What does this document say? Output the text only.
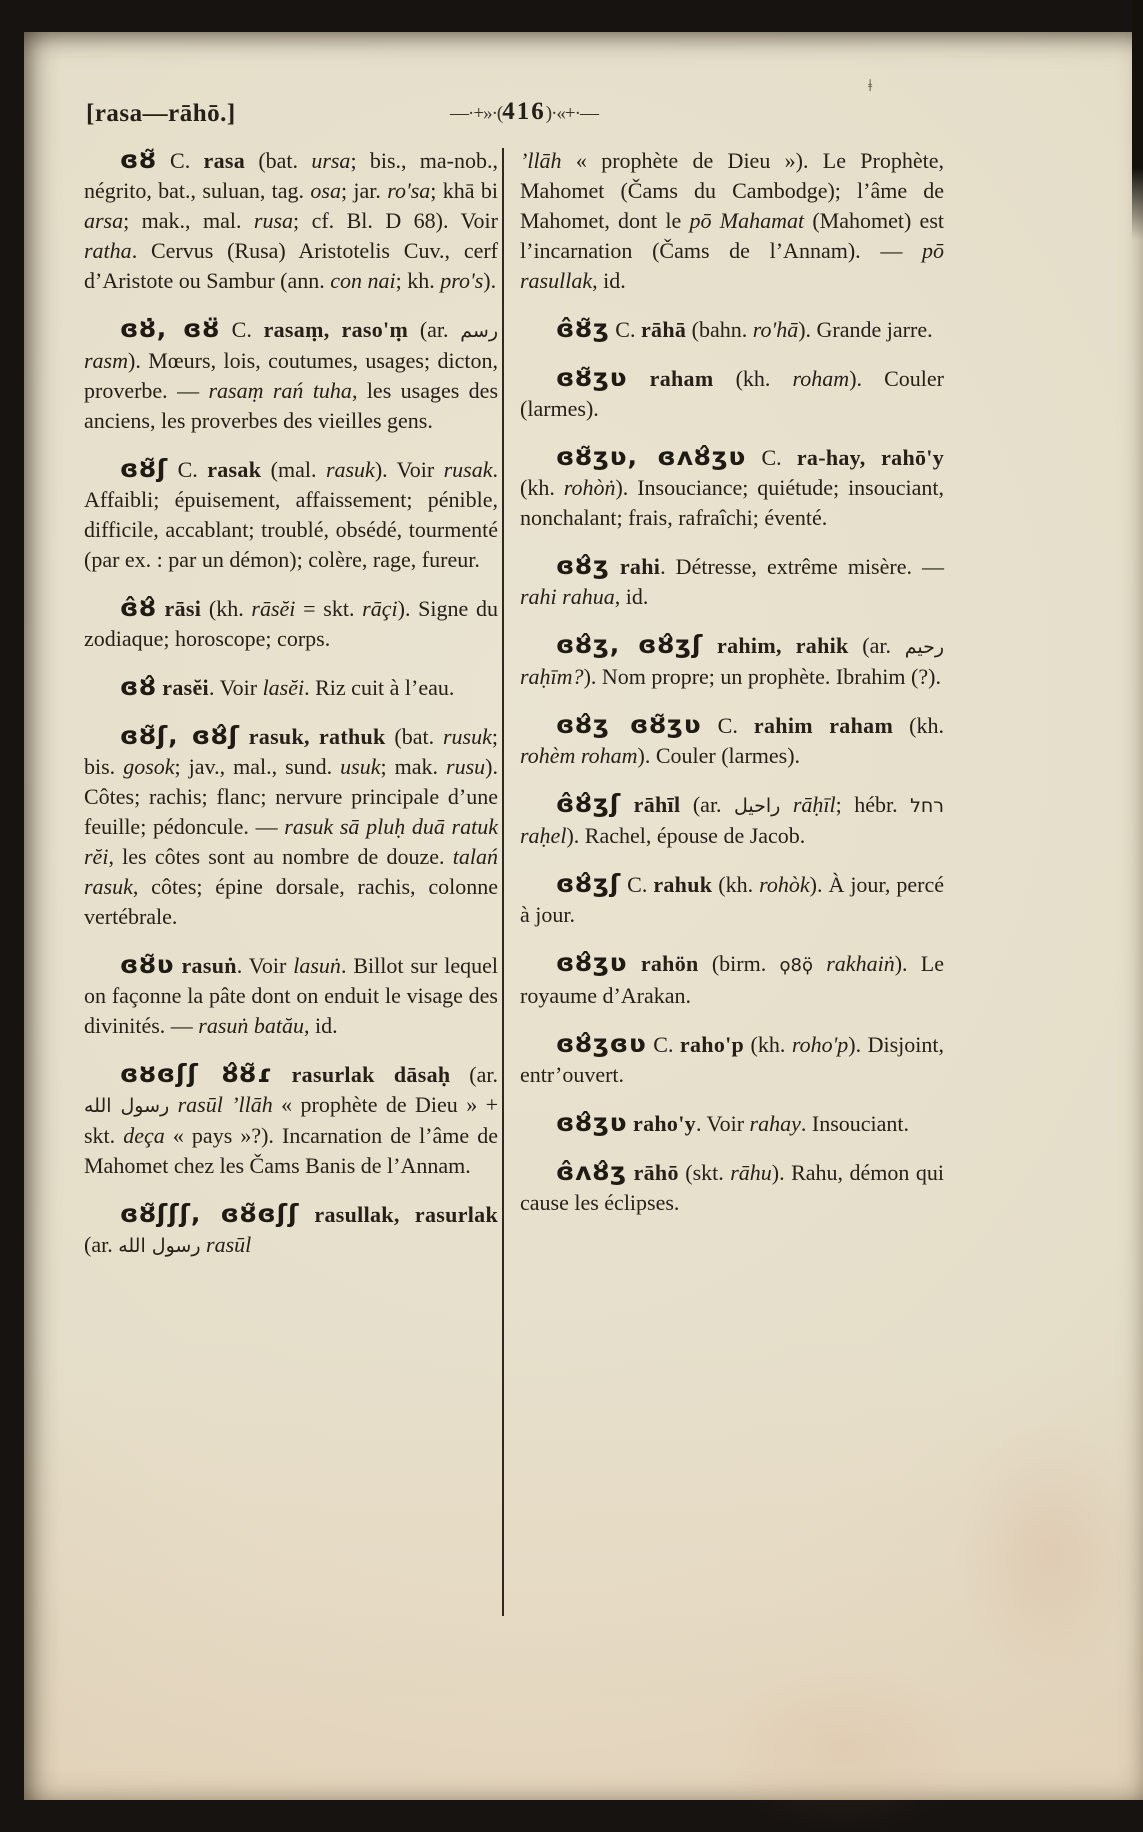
[rasa—rāhō.]	—·+»·(416)·«+·—
ǂ

ɞȣ̃ C. rasa (bat. ursa; bis., ma-nob., négrito, bat., suluan, tag. osa; jar. ro'sa; khā bi arsa; mak., mal. rusa; cf. Bl. D 68). Voir ratha. Cervus (Rusa) Aristotelis Cuv., cerf d’Aristote ou Sambur (ann. con nai; kh. pro's).

ɞȣ̇, ɞȣ̈ C. rasaṃ, raso'ṃ (ar. رسم rasm). Mœurs, lois, coutumes, usages; dicton, proverbe. — rasaṃ rań tuha, les usages des anciens, les proverbes des vieilles gens.

ɞȣ̃ʃ C. rasak (mal. rasuk). Voir rusak. Affaibli; épuisement, affaissement; pénible, difficile, accablant; troublé, obsédé, tourmenté (par ex. : par un démon); colère, rage, fureur.

ɞ̂ȣ̂ rāsi (kh. rāsĕi = skt. rāçi). Signe du zodiaque; horoscope; corps.

ɞȣ̂ rasĕi. Voir lasĕi. Riz cuit à l’eau.

ɞȣ̃ʃ, ɞȣ̂ʃ rasuk, rathuk (bat. rusuk; bis. gosok; jav., mal., sund. usuk; mak. rusu). Côtes; rachis; flanc; nervure principale d’une feuille; pédoncule. — rasuk sā pluḥ duā ratuk rĕi, les côtes sont au nombre de douze. talań rasuk, côtes; épine dorsale, rachis, colonne vertébrale.

ɞȣ̃ʋ rasuṅ. Voir lasuṅ. Billot sur lequel on façonne la pâte dont on enduit le visage des divinités. — rasuṅ batău, id.

ɞȣɞʃʃ ȣ̂ȣ̃ɾ rasurlak dāsaḥ (ar. رسول الله rasūl ’llāh « prophète de Dieu » + skt. deça « pays »?). Incarnation de l’âme de Mahomet chez les Čams Banis de l’Annam.

ɞȣ̃ʃʃʃ, ɞȣ̃ɞʃʃ rasullak, rasurlak (ar. رسول الله rasūl

’llāh « prophète de Dieu »). Le Prophète, Mahomet (Čams du Cambodge); l’âme de Mahomet, dont le pō Mahamat (Mahomet) est l’incarnation (Čams de l’Annam). — pō rasullak, id.

ɞ̂ȣ̃ʒ C. rāhā (bahn. ro'hā). Grande jarre.

ɞȣ̃ʒʋ raham (kh. roham). Couler (larmes).

ɞȣ̃ʒʋ, ɞʌȣ̂ʒʋ C. ra-hay, rahō'y (kh. rohòṅ). Insouciance; quiétude; insouciant, nonchalant; frais, rafraîchi; éventé.

ɞȣ̂ʒ rahi. Détresse, extrême misère. — rahi rahua, id.

ɞȣ̂ʒ, ɞȣ̂ʒʃ rahim, rahik (ar. رحيم raḥīm?). Nom propre; un prophète. Ibrahim (?).

ɞȣ̂ʒ ɞȣ̃ʒʋ C. rahim raham (kh. rohèm roham). Couler (larmes).

ɞ̂ȣ̂ʒʃ rāhīl (ar. راحيل rāḥīl; hébr. רחל raḥel). Rachel, épouse de Jacob.

ɞȣ̂ʒʃ C. rahuk (kh. rohòk). À jour, percé à jour.

ɞȣ̂ʒʋ rahön (birm. ϙ8ϙ̈ rakhaiṅ). Le royaume d’Arakan.

ɞȣ̂ʒɞʋ C. raho'p (kh. roho'p). Disjoint, entr’ouvert.

ɞȣ̂ʒʋ raho'y. Voir rahay. Insouciant.

ɞ̂ʌȣ̂ʒ rāhō (skt. rāhu). Rahu, démon qui cause les éclipses.
